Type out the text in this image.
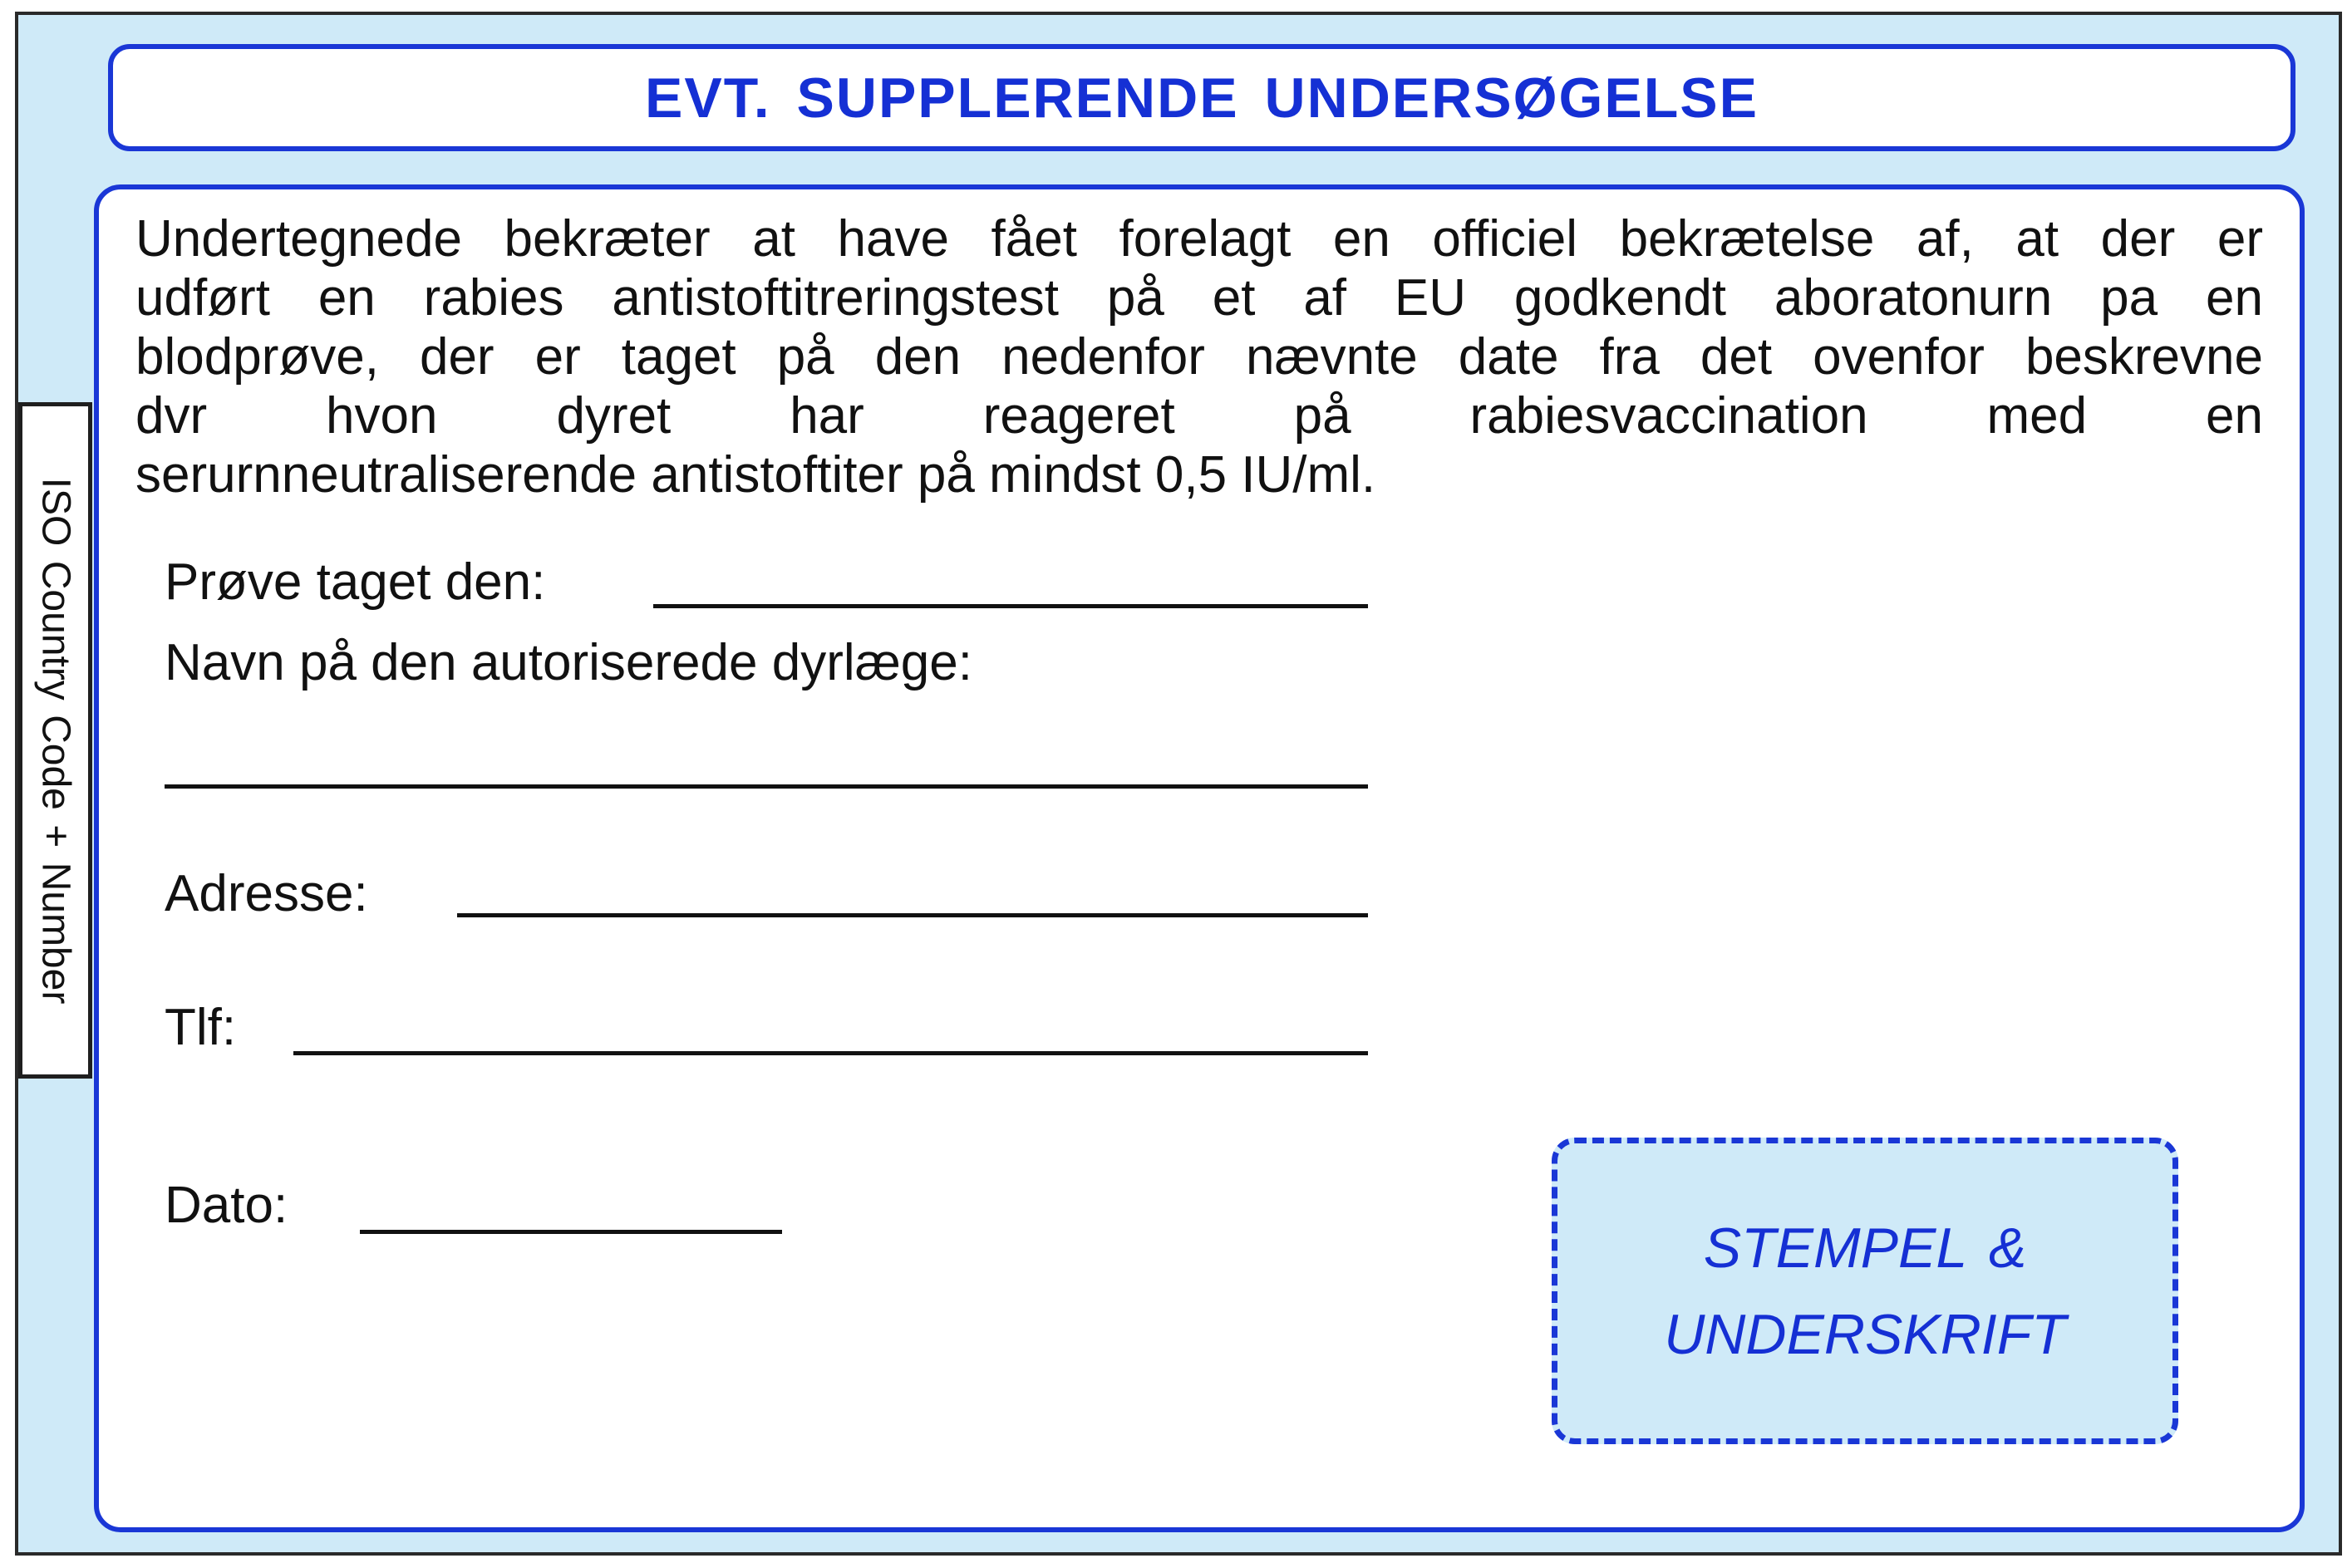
EVT. SUPPLERENDE UNDERSØGELSE
ISO Country Code + Number
Undertegnede bekræter at have fået forelagt en officiel bekrætelse af, at der er
udført en rabies antistoftitreringstest på et af EU godkendt aboratonurn pa en
blodprøve, der er taget på den nedenfor nævnte date fra det ovenfor beskrevne
dvr hvon dyret har reageret på rabiesvaccination med en
serurnneutraliserende antistoftiter på mindst 0,5 IU/ml.
Prøve taget den:
Navn på den autoriserede dyrlæge:
Adresse:
Tlf:
Dato:
STEMPEL &
UNDERSKRIFT
